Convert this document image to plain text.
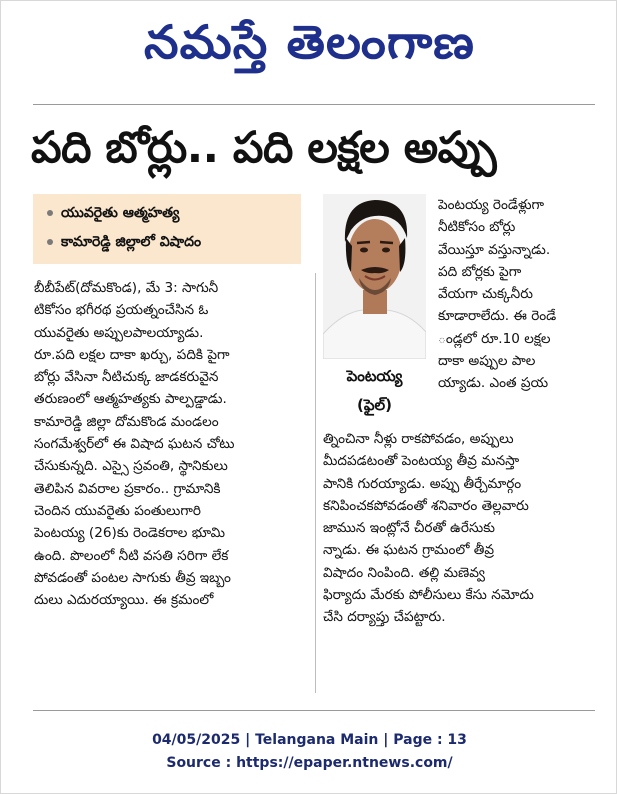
నమస్తే తెలంగాణ
పది బోర్లు.. పది లక్షల అప్పు
యువరైతు ఆత్మహత్య
కామారెడ్డి జిల్లాలో విషాదం
పెంటయ్య
(ఫైల్)
బీబీపేట్(దోమకొండ), మే 3: సాగునీ
టికోసం భగీరథ ప్రయత్నంచేసిన ఓ
యువరైతు అప్పులపాలయ్యాడు.
రూ.పది లక్షల దాకా ఖర్చు, పదికి పైగా
బోర్లు వేసినా నీటిచుక్క జాడకరువైన
తరుణంలో ఆత్మహత్యకు పాల్పడ్డాడు.
కామారెడ్డి జిల్లా దోమకొండ మండలం
సంగమేశ్వర్‌లో ఈ విషాద ఘటన చోటు
చేసుకున్నది. ఎస్సై స్రవంతి, స్థానికులు
తెలిపిన వివరాల ప్రకారం.. గ్రామానికి
చెందిన యువరైతు పంతులుగారి
పెంటయ్య (26)కు రెండెకరాల భూమి
ఉంది. పొలంలో నీటి వసతి సరిగా లేక
పోవడంతో పంటల సాగుకు తీవ్ర ఇబ్బం
దులు ఎదురయ్యాయి. ఈ క్రమంలో
పెంటయ్య రెండేళ్లుగా
నీటికోసం బోర్లు
వేయిస్తూ వస్తున్నాడు.
పది బోర్లకు పైగా
వేయగా చుక్కనీరు
కూడారాలేదు. ఈ రెండే
ండ్లలో రూ.10 లక్షల
దాకా అప్పుల పాల
య్యాడు. ఎంత ప్రయ
త్నించినా నీళ్లు రాకపోవడం, అప్పులు
మీదపడటంతో పెంటయ్య తీవ్ర మనస్తా
పానికి గురయ్యాడు. అప్పు తీర్చేమార్గం
కనిపించకపోవడంతో శనివారం తెల్లవారు
జామున ఇంట్లోనే చీరతో ఉరేసుకు
న్నాడు. ఈ ఘటన గ్రామంలో తీవ్ర
విషాదం నింపింది. తల్లి మణెవ్వ
ఫిర్యాదు మేరకు పోలీసులు కేసు నమోదు
చేసి దర్యాప్తు చేపట్టారు.
04/05/2025 | Telangana Main | Page : 13
Source : https://epaper.ntnews.com/
